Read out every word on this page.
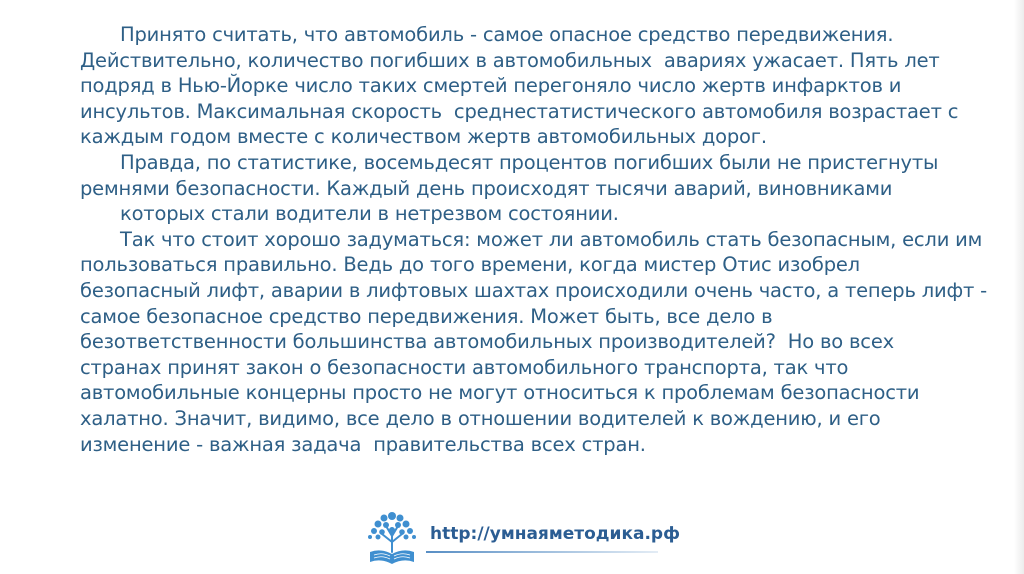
Принято считать, что автомобиль - самое опасное средство передвижения.
Действительно, количество погибших в автомобильных  авариях ужасает. Пять лет
подряд в Нью-Йорке число таких смертей перегоняло число жертв инфарктов и
инсультов. Максимальная скорость  среднестатистического автомобиля возрастает с
каждым годом вместе с количеством жертв автомобильных дорог.
Правда, по статистике, восемьдесят процентов погибших были не пристегнуты
ремнями безопасности. Каждый день происходят тысячи аварий, виновниками
которых стали водители в нетрезвом состоянии.
Так что стоит хорошо задуматься: может ли автомобиль стать безопасным, если им
пользоваться правильно. Ведь до того времени, когда мистер Отис изобрел
безопасный лифт, аварии в лифтовых шахтах происходили очень часто, а теперь лифт -
самое безопасное средство передвижения. Может быть, все дело в
безответственности большинства автомобильных производителей?  Но во всех
странах принят закон о безопасности автомобильного транспорта, так что
автомобильные концерны просто не могут относиться к проблемам безопасности
халатно. Значит, видимо, все дело в отношении водителей к вождению, и его
изменение - важная задача  правительства всех стран.
http://умнаяметодика.рф
